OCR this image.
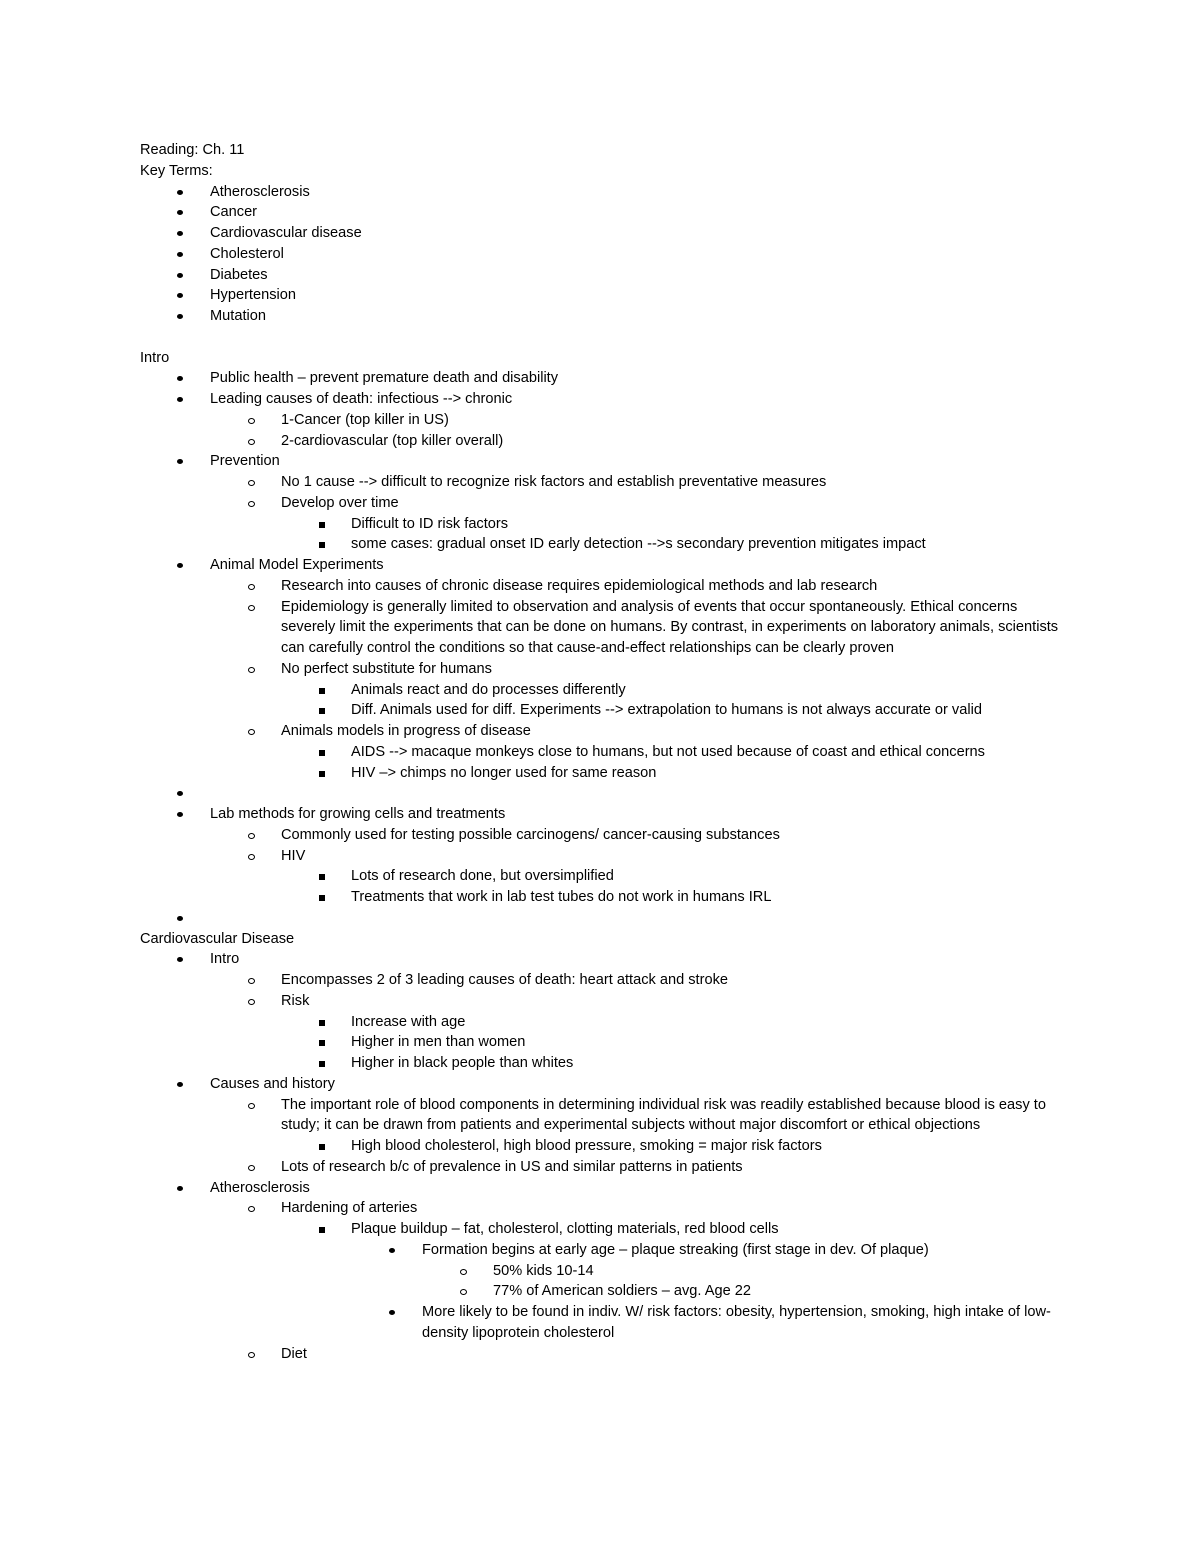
Reading: Ch. 11
Key Terms:
Atherosclerosis
Cancer
Cardiovascular disease
Cholesterol
Diabetes
Hypertension
Mutation
Intro
Public health – prevent premature death and disability
Leading causes of death: infectious --> chronic
1-Cancer (top killer in US)
2-cardiovascular (top killer overall)
Prevention
No 1 cause --> difficult to recognize risk factors and establish preventative measures
Develop over time
Difficult to ID risk factors
some cases: gradual onset ID early detection -->s secondary prevention mitigates impact
Animal Model Experiments
Research into causes of chronic disease requires epidemiological methods and lab research
Epidemiology is generally limited to observation and analysis of events that occur spontaneously. Ethical concerns severely limit the experiments that can be done on humans. By contrast, in experiments on laboratory animals, scientists can carefully control the conditions so that cause-and-effect relationships can be clearly proven
No perfect substitute for humans
Animals react and do processes differently
Diff. Animals used for diff. Experiments --> extrapolation to humans is not always accurate or valid
Animals models in progress of disease
AIDS --> macaque monkeys close to humans, but not used because of coast and ethical concerns
HIV –> chimps no longer used for same reason
Lab methods for growing cells and treatments
Commonly used for testing possible carcinogens/ cancer-causing substances
HIV
Lots of research done, but oversimplified
Treatments that work in lab test tubes do not work in humans IRL
Cardiovascular Disease
Intro
Encompasses 2 of 3 leading causes of death: heart attack and stroke
Risk
Increase with age
Higher in men than women
Higher in black people than whites
Causes and history
The important role of blood components in determining individual risk was readily established because blood is easy to study; it can be drawn from patients and experimental subjects without major discomfort or ethical objections
High blood cholesterol, high blood pressure, smoking = major risk factors
Lots of research b/c of prevalence in US and similar patterns in patients
Atherosclerosis
Hardening of arteries
Plaque buildup – fat, cholesterol, clotting materials, red blood cells
Formation begins at early age – plaque streaking (first stage in dev. Of plaque)
50% kids 10-14
77% of American soldiers – avg. Age 22
More likely to be found in indiv. W/ risk factors: obesity, hypertension, smoking, high intake of low-density lipoprotein cholesterol
Diet
